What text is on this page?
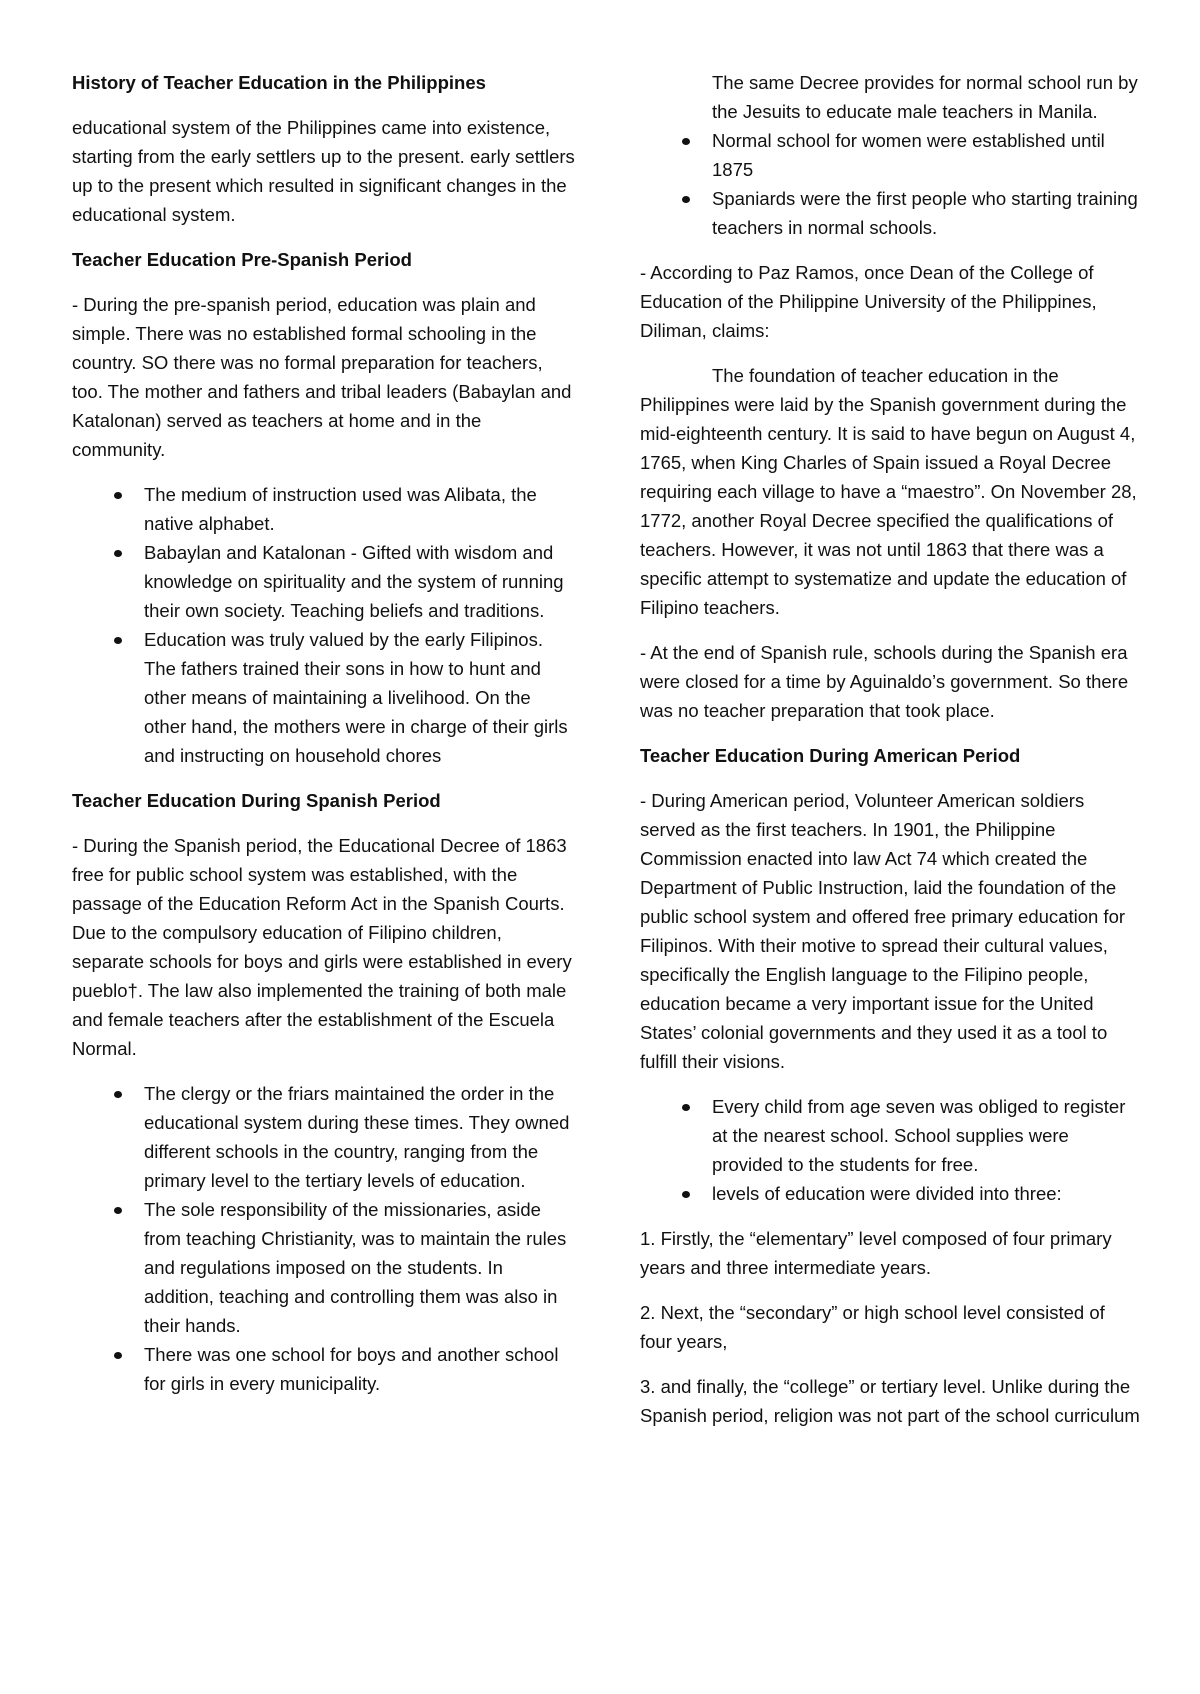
History of Teacher Education in the Philippines

educational system of the Philippines came into existence, starting from the early settlers up to the present. early settlers up to the present which resulted in significant changes in the educational system.

Teacher Education Pre-Spanish Period

- During the pre-spanish period, education was plain and simple. There was no established formal schooling in the country. SO there was no formal preparation for teachers, too. The mother and fathers and tribal leaders (Babaylan and Katalonan) served as teachers at home and in the community.

The medium of instruction used was Alibata, the native alphabet.
Babaylan and Katalonan - Gifted with wisdom and knowledge on spirituality and the system of running their own society. Teaching beliefs and traditions.
Education was truly valued by the early Filipinos. The fathers trained their sons in how to hunt and other means of maintaining a livelihood. On the other hand, the mothers were in charge of their girls and instructing on household chores
Teacher Education During Spanish Period

- During the Spanish period, the Educational Decree of 1863 free for public school system was established, with the passage of the Education Reform Act in the Spanish Courts. Due to the compulsory education of Filipino children, separate schools for boys and girls were established in every pueblo†. The law also implemented the training of both male and female teachers after the establishment of the Escuela Normal.

The clergy or the friars maintained the order in the educational system during these times. They owned different schools in the country, ranging from the primary level to the tertiary levels of education.
The sole responsibility of the missionaries, aside from teaching Christianity, was to maintain the rules and regulations imposed on the students. In addition, teaching and controlling them was also in their hands.
There was one school for boys and another school for girls in every municipality.

The same Decree provides for normal school run by the Jesuits to educate male teachers in Manila.

Normal school for women were established until 1875
Spaniards were the first people who starting training teachers in normal schools.

- According to Paz Ramos, once Dean of the College of Education of the Philippine University of the Philippines, Diliman, claims:

The foundation of teacher education in the Philippines were laid by the Spanish government during the mid-eighteenth century. It is said to have begun on August 4, 1765, when King Charles of Spain issued a Royal Decree requiring each village to have a “maestro”. On November 28, 1772, another Royal Decree specified the qualifications of teachers. However, it was not until 1863 that there was a specific attempt to systematize and update the education of Filipino teachers.

- At the end of Spanish rule, schools during the Spanish era were closed for a time by Aguinaldo’s government. So there was no teacher preparation that took place.

Teacher Education During American Period

- During American period, Volunteer American soldiers served as the first teachers. In 1901, the Philippine Commission enacted into law Act 74 which created the Department of Public Instruction, laid the foundation of the public school system and offered free primary education for Filipinos. With their motive to spread their cultural values, specifically the English language to the Filipino people, education became a very important issue for the United States’ colonial governments and they used it as a tool to fulfill their visions.

Every child from age seven was obliged to register at the nearest school. School supplies were provided to the students for free.
levels of education were divided into three:

1. Firstly, the “elementary” level composed of four primary years and three intermediate years.

2. Next, the “secondary” or high school level consisted of four years,

3. and finally, the “college” or tertiary level. Unlike during the Spanish period, religion was not part of the school curriculum
